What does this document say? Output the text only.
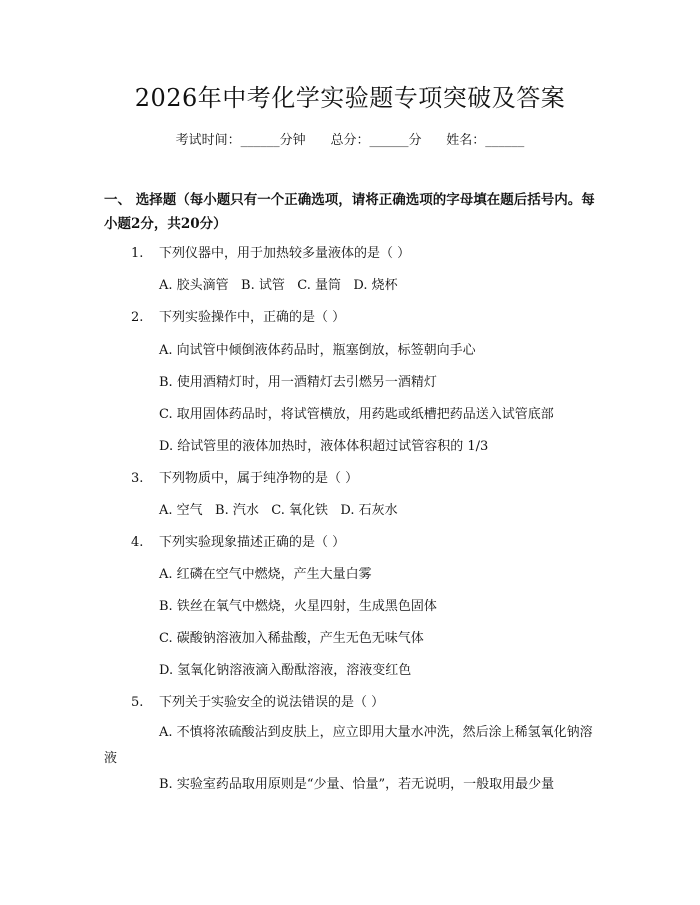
2026年中考化学实验题专项突破及答案
考试时间：______分钟 总分：______分 姓名：______
一、 选择题（每小题只有一个正确选项，请将正确选项的字母填在题后括号内。每小题2分，共20分）
1. 下列仪器中，用于加热较多量液体的是（ ）
A. 胶头滴管   B. 试管   C. 量筒   D. 烧杯
2. 下列实验操作中，正确的是（ ）
A. 向试管中倾倒液体药品时，瓶塞倒放，标签朝向手心
B. 使用酒精灯时，用一酒精灯去引燃另一酒精灯
C. 取用固体药品时，将试管横放，用药匙或纸槽把药品送入试管底部
D. 给试管里的液体加热时，液体体积超过试管容积的 1/3
3. 下列物质中，属于纯净物的是（ ）
A. 空气   B. 汽水   C. 氧化铁   D. 石灰水
4. 下列实验现象描述正确的是（ ）
A. 红磷在空气中燃烧，产生大量白雾
B. 铁丝在氧气中燃烧，火星四射，生成黑色固体
C. 碳酸钠溶液加入稀盐酸，产生无色无味气体
D. 氢氧化钠溶液滴入酚酞溶液，溶液变红色
5. 下列关于实验安全的说法错误的是（ ）
A. 不慎将浓硫酸沾到皮肤上，应立即用大量水冲洗，然后涂上稀氢氧化钠溶液
B. 实验室药品取用原则是“少量、恰量”，若无说明，一般取用最少量
